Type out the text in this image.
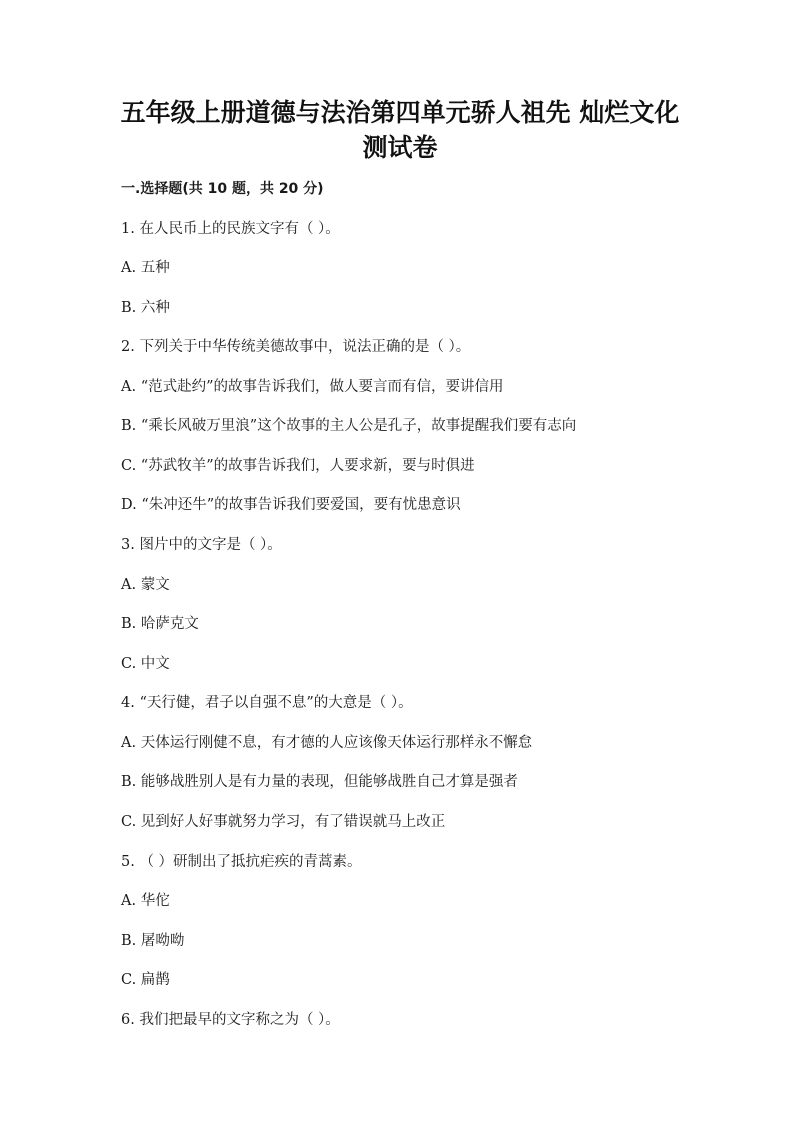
五年级上册道德与法治第四单元骄人祖先 灿烂文化
测试卷
一.选择题(共 10 题，共 20 分)
1. 在人民币上的民族文字有（ ）。
A. 五种
B. 六种
2. 下列关于中华传统美德故事中，说法正确的是（ ）。
A. “范式赴约”的故事告诉我们，做人要言而有信，要讲信用
B. “乘长风破万里浪”这个故事的主人公是孔子，故事提醒我们要有志向
C. “苏武牧羊”的故事告诉我们，人要求新，要与时俱进
D. “朱冲还牛”的故事告诉我们要爱国，要有忧患意识
3. 图片中的文字是（ ）。
A. 蒙文
B. 哈萨克文
C. 中文
4. “天行健，君子以自强不息”的大意是（ ）。
A. 天体运行刚健不息，有才德的人应该像天体运行那样永不懈怠
B. 能够战胜别人是有力量的表现，但能够战胜自己才算是强者
C. 见到好人好事就努力学习，有了错误就马上改正
5. （ ）研制出了抵抗疟疾的青蒿素。
A. 华佗
B. 屠呦呦
C. 扁鹊
6. 我们把最早的文字称之为（ ）。
